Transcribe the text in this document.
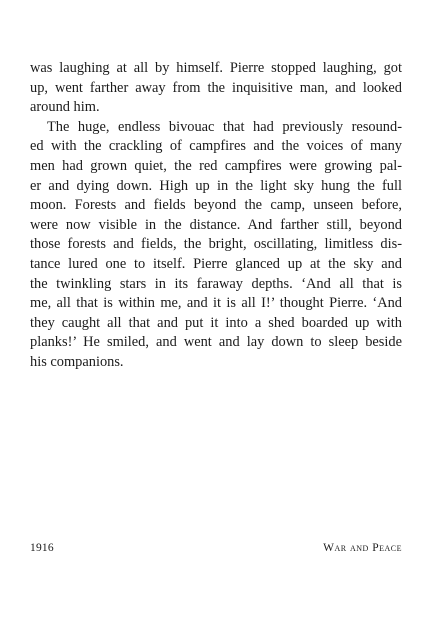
was laughing at all by himself. Pierre stopped laughing, got
up, went farther away from the inquisitive man, and looked
around him.
The huge, endless bivouac that had previously resound-
ed with the crackling of campfires and the voices of many
men had grown quiet, the red campfires were growing pal-
er and dying down. High up in the light sky hung the full
moon. Forests and fields beyond the camp, unseen before,
were now visible in the distance. And farther still, beyond
those forests and fields, the bright, oscillating, limitless dis-
tance lured one to itself. Pierre glanced up at the sky and
the twinkling stars in its faraway depths. ‘And all that is
me, all that is within me, and it is all I!’ thought Pierre. ‘And
they caught all that and put it into a shed boarded up with
planks!’ He smiled, and went and lay down to sleep beside
his companions.
1916	War and Peace
